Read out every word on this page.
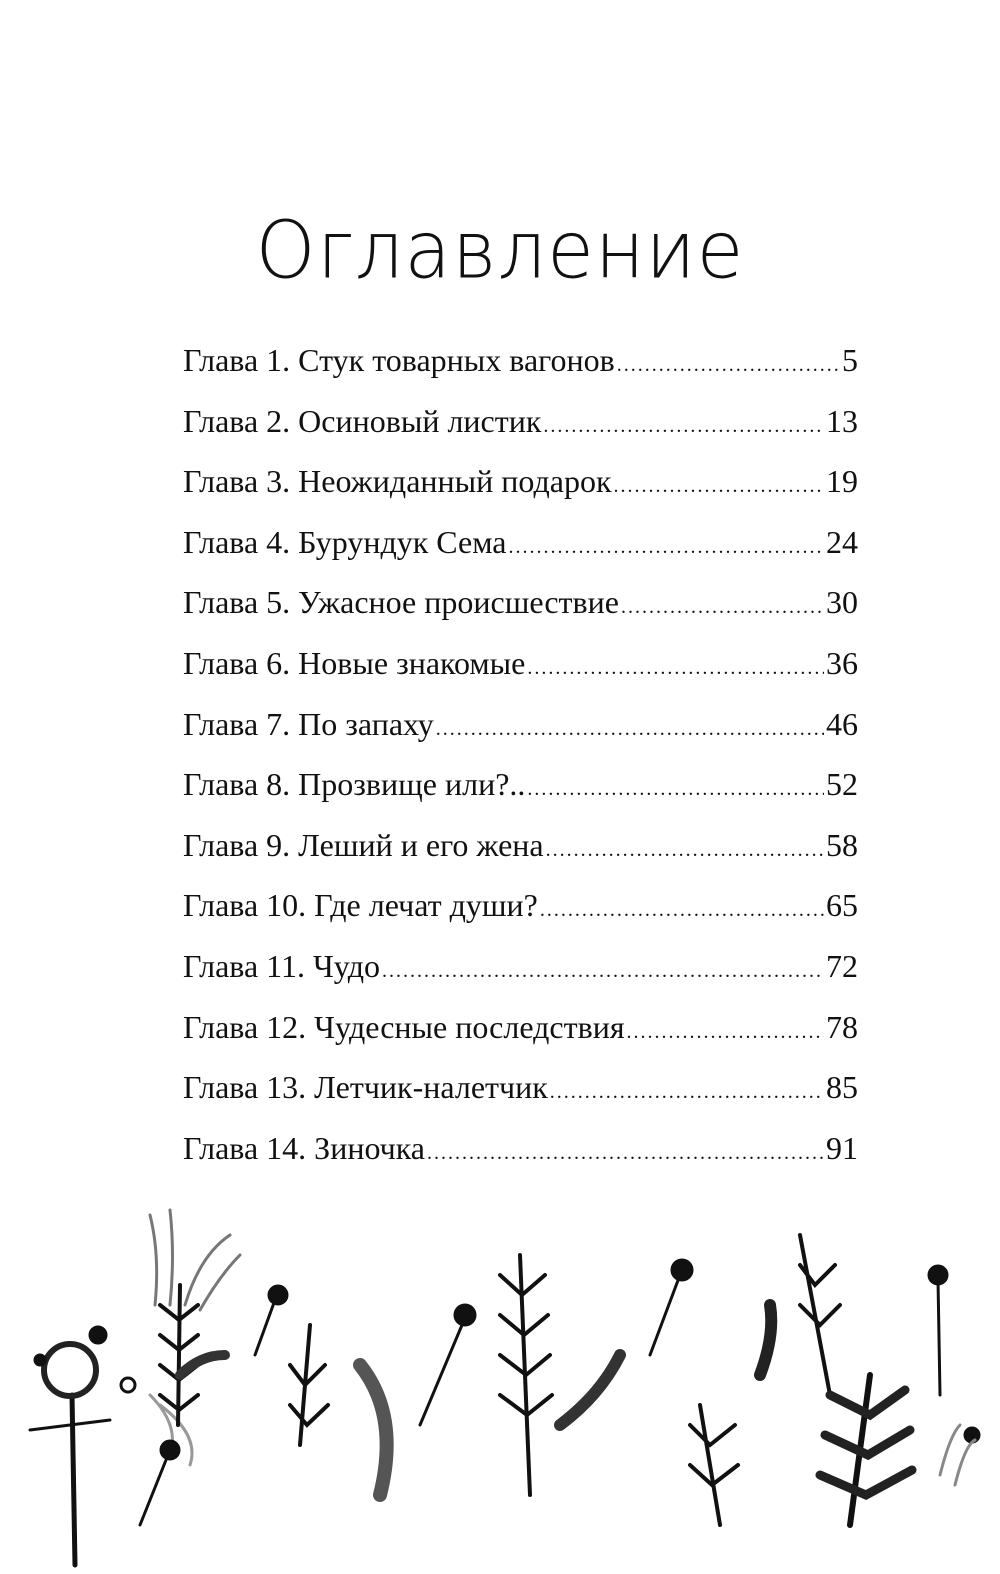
Оглавление
Глава 1. Стук товарных вагонов .....	5
Глава 2. Осиновый листик .....	13
Глава 3. Неожиданный подарок .....	19
Глава 4. Бурундук Сема .....	24
Глава 5. Ужасное происшествие .....	30
Глава 6. Новые знакомые .....	36
Глава 7. По запаху .....	46
Глава 8. Прозвище или?.. .....	52
Глава 9. Леший и его жена .....	58
Глава 10. Где лечат души? .....	65
Глава 11. Чудо .....	72
Глава 12. Чудесные последствия .....	78
Глава 13. Летчик-налетчик .....	85
Глава 14. Зиночка .....	91
